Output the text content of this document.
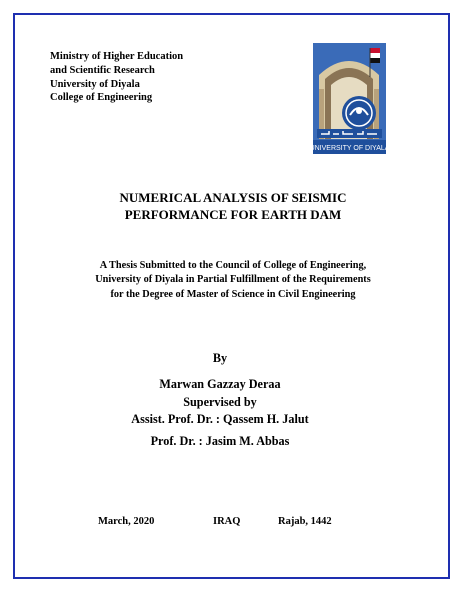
Ministry of Higher Education
and Scientific Research
University of Diyala
College of Engineering
UNIVERSITY OF DIYALA
NUMERICAL ANALYSIS OF SEISMIC
PERFORMANCE FOR EARTH DAM
A Thesis Submitted to the Council of College of Engineering,
University of Diyala in Partial Fulfillment of the Requirements
for the Degree of Master of Science in Civil Engineering
By
Marwan Gazzay Deraa
Supervised by
Assist. Prof. Dr. : Qassem H. Jalut
Prof. Dr. : Jasim M. Abbas
March, 2020	IRAQ	Rajab, 1442
